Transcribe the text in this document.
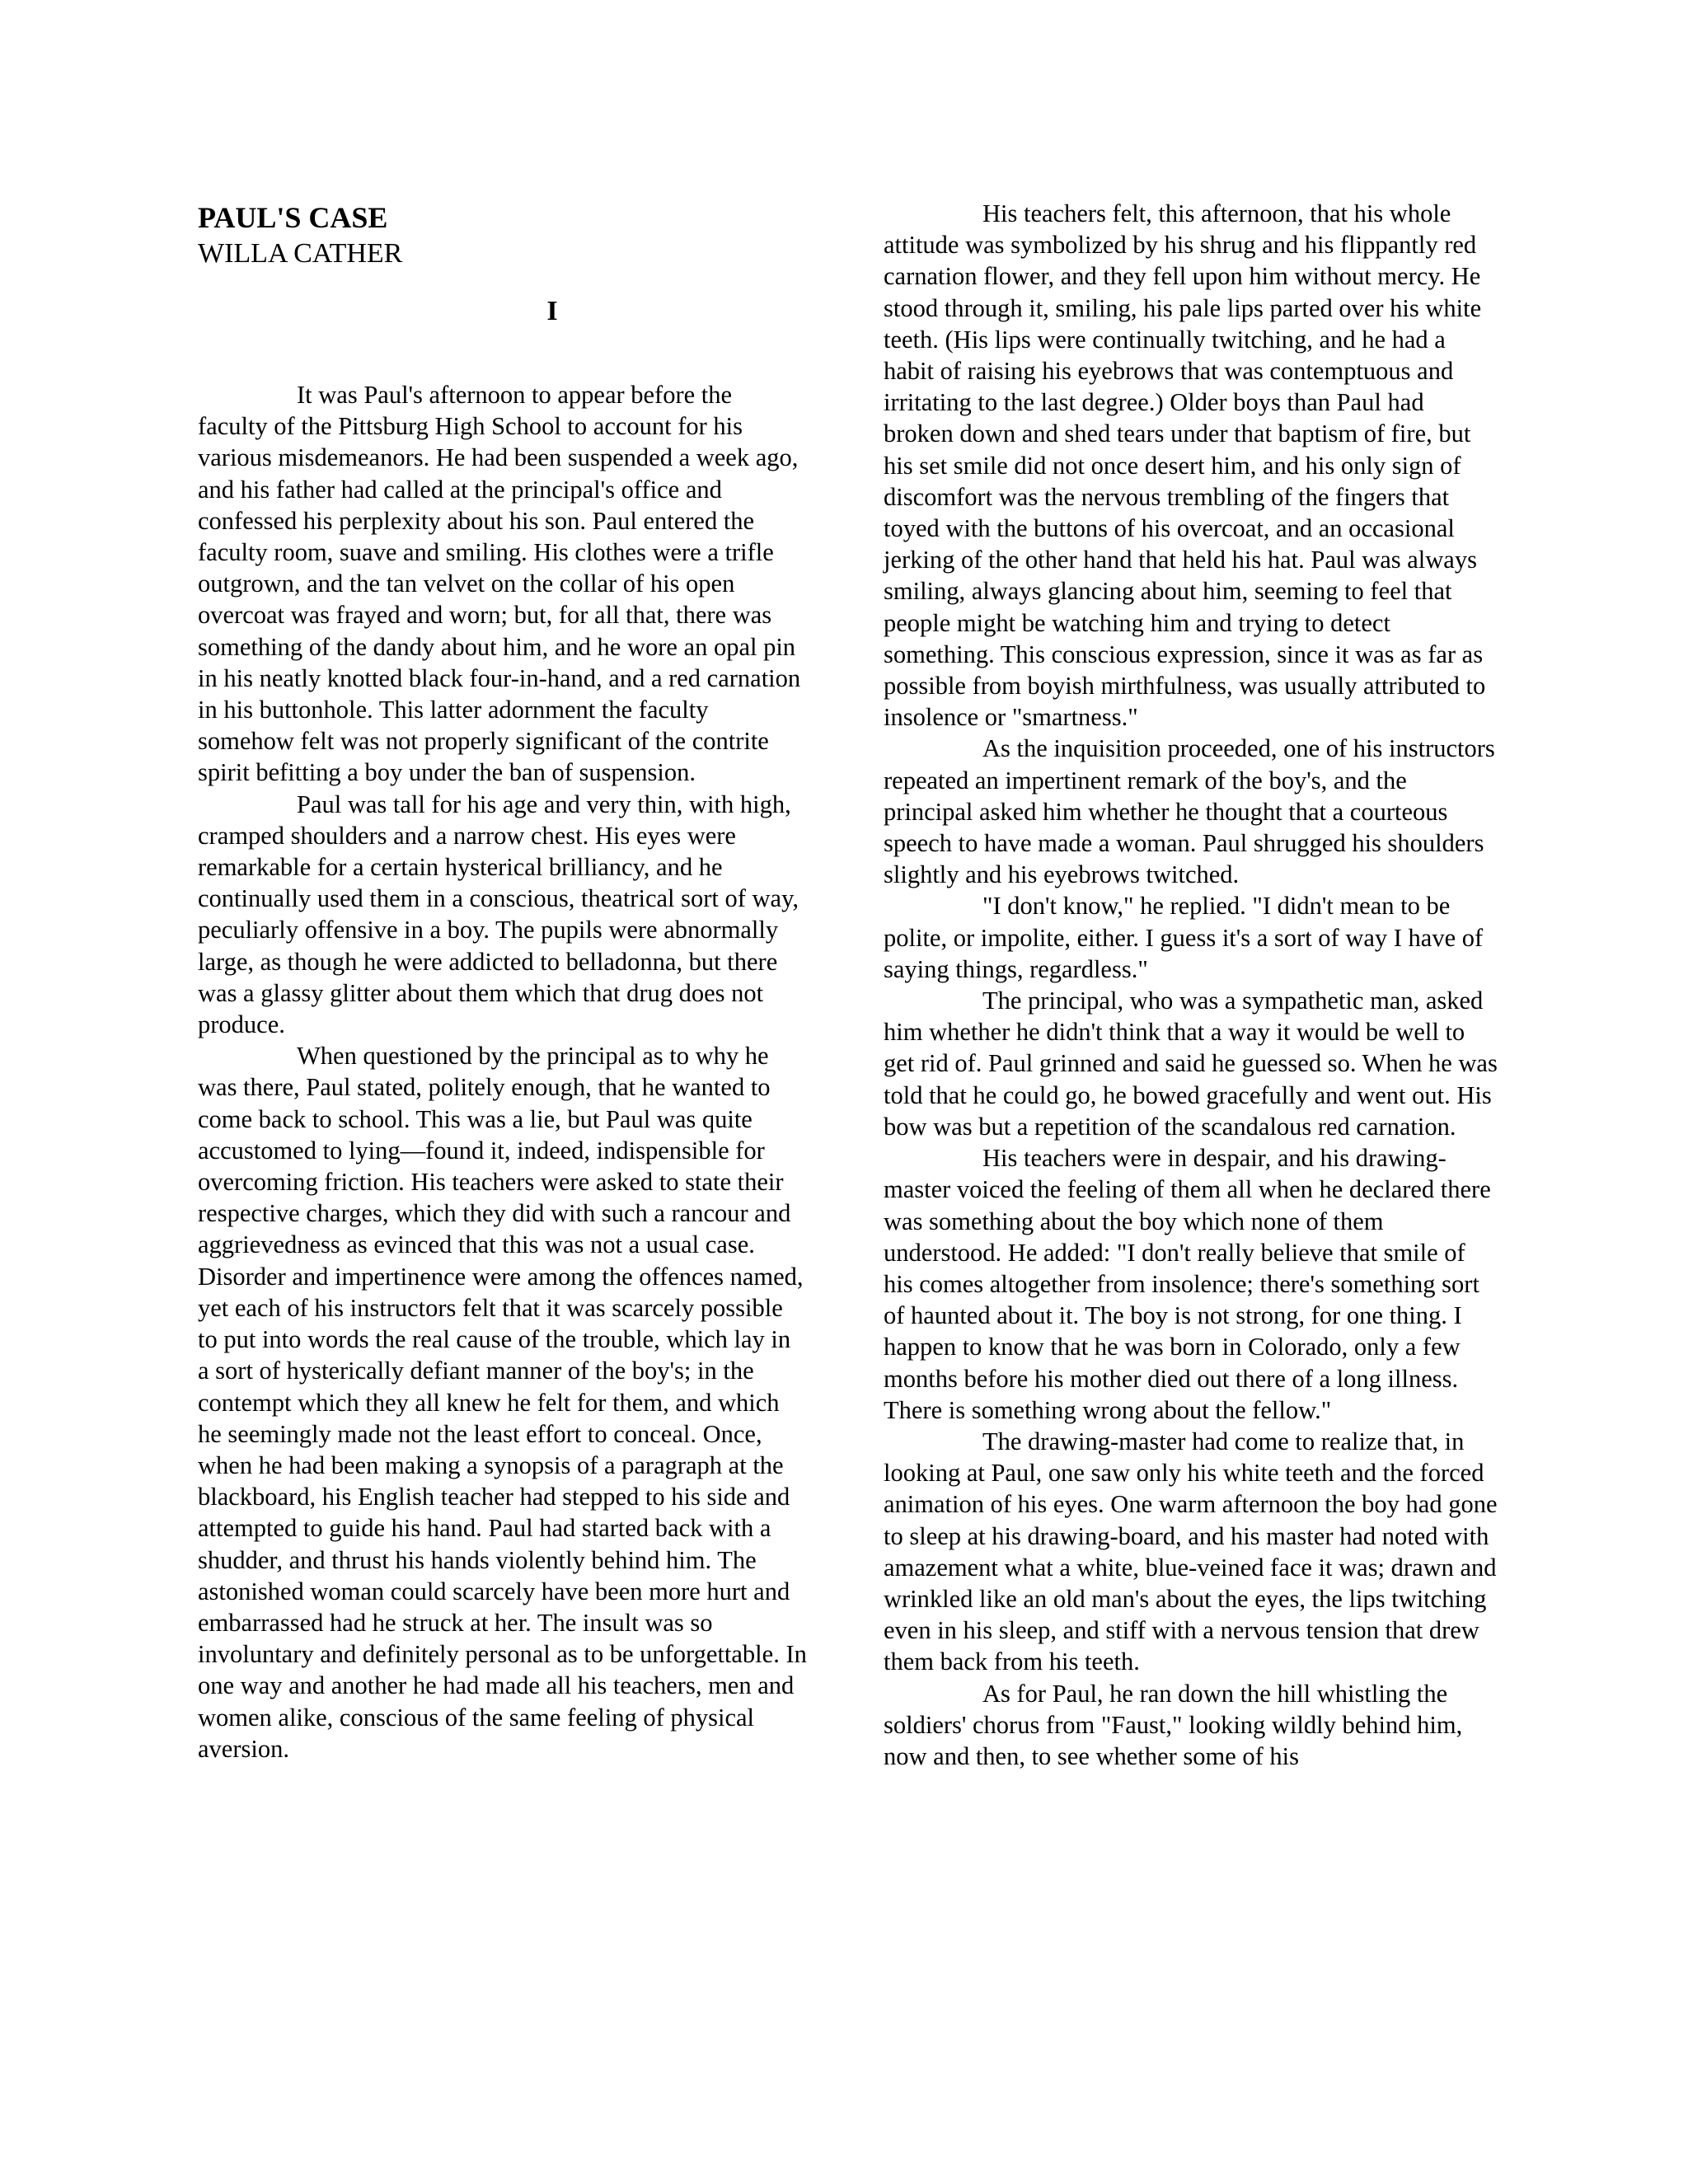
PAUL'S CASE
WILLA CATHER
I

It was Paul's afternoon to appear before the faculty of the Pittsburg High School to account for his various misdemeanors. He had been suspended a week ago, and his father had called at the principal's office and confessed his perplexity about his son. Paul entered the faculty room, suave and smiling. His clothes were a trifle outgrown, and the tan velvet on the collar of his open overcoat was frayed and worn; but, for all that, there was something of the dandy about him, and he wore an opal pin in his neatly knotted black four-in-hand, and a red carnation in his buttonhole. This latter adornment the faculty somehow felt was not properly significant of the contrite spirit befitting a boy under the ban of suspension.

Paul was tall for his age and very thin, with high, cramped shoulders and a narrow chest. His eyes were remarkable for a certain hysterical brilliancy, and he continually used them in a conscious, theatrical sort of way, peculiarly offensive in a boy. The pupils were abnormally large, as though he were addicted to belladonna, but there was a glassy glitter about them which that drug does not produce.

When questioned by the principal as to why he was there, Paul stated, politely enough, that he wanted to come back to school. This was a lie, but Paul was quite accustomed to lying—found it, indeed, indispensible for overcoming friction. His teachers were asked to state their respective charges, which they did with such a rancour and aggrievedness as evinced that this was not a usual case. Disorder and impertinence were among the offences named, yet each of his instructors felt that it was scarcely possible to put into words the real cause of the trouble, which lay in a sort of hysterically defiant manner of the boy's; in the contempt which they all knew he felt for them, and which he seemingly made not the least effort to conceal. Once, when he had been making a synopsis of a paragraph at the blackboard, his English teacher had stepped to his side and attempted to guide his hand. Paul had started back with a shudder, and thrust his hands violently behind him. The astonished woman could scarcely have been more hurt and embarrassed had he struck at her. The insult was so involuntary and definitely personal as to be unforgettable. In one way and another he had made all his teachers, men and women alike, conscious of the same feeling of physical aversion.

His teachers felt, this afternoon, that his whole attitude was symbolized by his shrug and his flippantly red carnation flower, and they fell upon him without mercy. He stood through it, smiling, his pale lips parted over his white teeth. (His lips were continually twitching, and he had a habit of raising his eyebrows that was contemptuous and irritating to the last degree.) Older boys than Paul had broken down and shed tears under that baptism of fire, but his set smile did not once desert him, and his only sign of discomfort was the nervous trembling of the fingers that toyed with the buttons of his overcoat, and an occasional jerking of the other hand that held his hat. Paul was always smiling, always glancing about him, seeming to feel that people might be watching him and trying to detect something. This conscious expression, since it was as far as possible from boyish mirthfulness, was usually attributed to insolence or "smartness."

As the inquisition proceeded, one of his instructors repeated an impertinent remark of the boy's, and the principal asked him whether he thought that a courteous speech to have made a woman. Paul shrugged his shoulders slightly and his eyebrows twitched.

"I don't know," he replied. "I didn't mean to be polite, or impolite, either. I guess it's a sort of way I have of saying things, regardless."

The principal, who was a sympathetic man, asked him whether he didn't think that a way it would be well to get rid of. Paul grinned and said he guessed so. When he was told that he could go, he bowed gracefully and went out. His bow was but a repetition of the scandalous red carnation.

His teachers were in despair, and his drawing-master voiced the feeling of them all when he declared there was something about the boy which none of them understood. He added: "I don't really believe that smile of his comes altogether from insolence; there's something sort of haunted about it. The boy is not strong, for one thing. I happen to know that he was born in Colorado, only a few months before his mother died out there of a long illness. There is something wrong about the fellow."

The drawing-master had come to realize that, in looking at Paul, one saw only his white teeth and the forced animation of his eyes. One warm afternoon the boy had gone to sleep at his drawing-board, and his master had noted with amazement what a white, blue-veined face it was; drawn and wrinkled like an old man's about the eyes, the lips twitching even in his sleep, and stiff with a nervous tension that drew them back from his teeth.

As for Paul, he ran down the hill whistling the soldiers' chorus from "Faust," looking wildly behind him, now and then, to see whether some of his
